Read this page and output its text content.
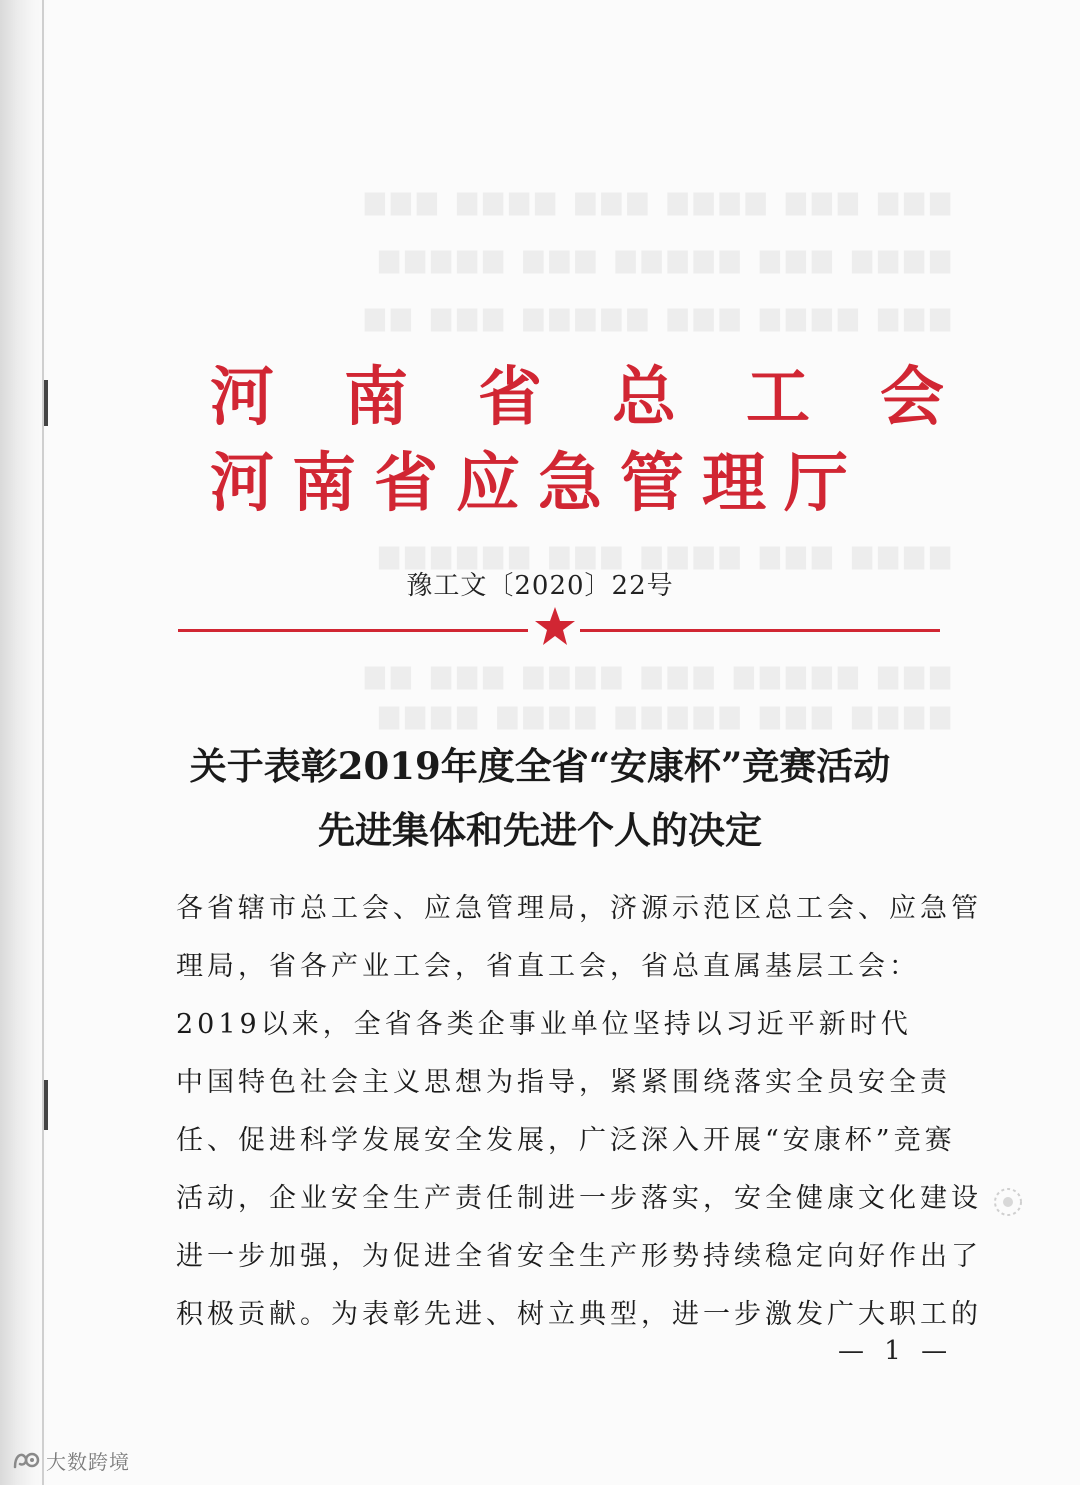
▆▆▆ ▆▆▆ ▆▆▆▆ ▆▆▆ ▆▆▆▆ ▆▆▆
▆▆▆▆ ▆▆▆ ▆▆▆▆▆ ▆▆▆ ▆▆▆▆▆
▆▆▆ ▆▆▆▆ ▆▆▆ ▆▆▆▆▆ ▆▆▆ ▆▆
▆▆▆▆ ▆▆▆ ▆▆▆▆ ▆▆▆ ▆▆▆▆▆▆
▆▆▆ ▆▆▆▆▆ ▆▆▆ ▆▆▆▆ ▆▆▆ ▆▆
▆▆▆▆ ▆▆▆ ▆▆▆▆▆ ▆▆▆▆ ▆▆▆▆
河南省总工会
河南省应急管理厅
豫工文〔2020〕22号
关于表彰2019年度全省“安康杯”竞赛活动
先进集体和先进个人的决定
各省辖市总工会、应急管理局，济源示范区总工会、应急管
理局，省各产业工会，省直工会，省总直属基层工会：
2019以来，全省各类企事业单位坚持以习近平新时代
中国特色社会主义思想为指导，紧紧围绕落实全员安全责
任、促进科学发展安全发展，广泛深入开展“安康杯”竞赛
活动，企业安全生产责任制进一步落实，安全健康文化建设
进一步加强，为促进全省安全生产形势持续稳定向好作出了
积极贡献。为表彰先进、树立典型，进一步激发广大职工的
— 1 —
大数跨境
